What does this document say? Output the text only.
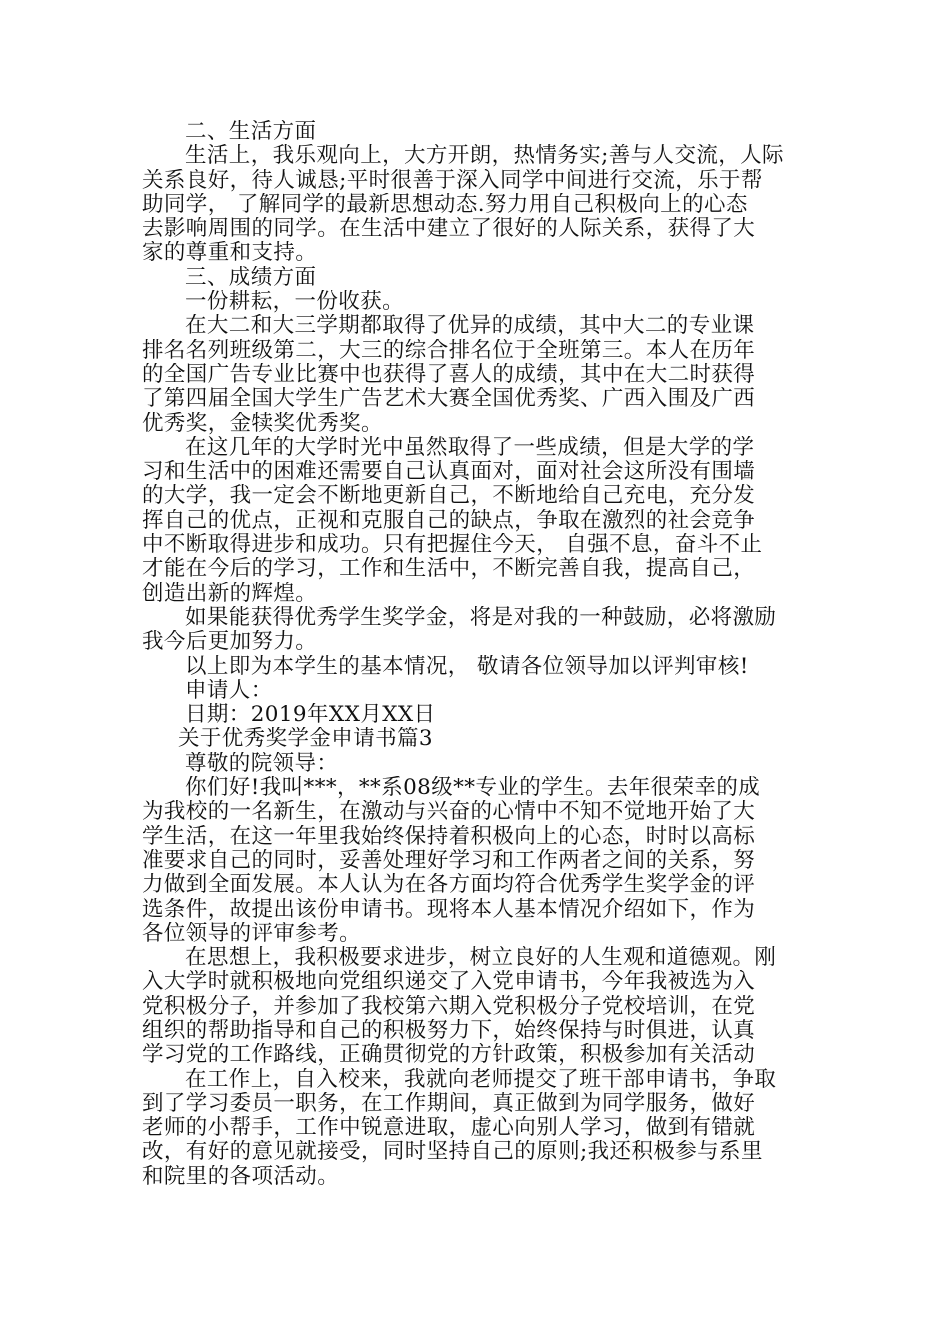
二、生活方面
生活上，我乐观向上，大方开朗，热情务实;善与人交流，人际
关系良好，待人诚恳;平时很善于深入同学中间进行交流，乐于帮
助同学， 了解同学的最新思想动态.努力用自己积极向上的心态
去影响周围的同学。在生活中建立了很好的人际关系，获得了大
家的尊重和支持。
三、成绩方面
一份耕耘，一份收获。
在大二和大三学期都取得了优异的成绩，其中大二的专业课
排名名列班级第二，大三的综合排名位于全班第三。本人在历年
的全国广告专业比赛中也获得了喜人的成绩，其中在大二时获得
了第四届全国大学生广告艺术大赛全国优秀奖、广西入围及广西
优秀奖，金犊奖优秀奖。
在这几年的大学时光中虽然取得了一些成绩，但是大学的学
习和生活中的困难还需要自己认真面对，面对社会这所没有围墙
的大学，我一定会不断地更新自己，不断地给自己充电，充分发
挥自己的优点，正视和克服自己的缺点，争取在激烈的社会竞争
中不断取得进步和成功。只有把握住今天， 自强不息，奋斗不止
才能在今后的学习，工作和生活中，不断完善自我，提高自己，
创造出新的辉煌。
如果能获得优秀学生奖学金，将是对我的一种鼓励，必将激励
我今后更加努力。
以上即为本学生的基本情况， 敬请各位领导加以评判审核!
申请人：
日期：2019年XX月XX日
关于优秀奖学金申请书篇3
尊敬的院领导：
你们好!我叫***，**系08级**专业的学生。去年很荣幸的成
为我校的一名新生，在激动与兴奋的心情中不知不觉地开始了大
学生活，在这一年里我始终保持着积极向上的心态，时时以高标
准要求自己的同时，妥善处理好学习和工作两者之间的关系，努
力做到全面发展。本人认为在各方面均符合优秀学生奖学金的评
选条件，故提出该份申请书。现将本人基本情况介绍如下，作为
各位领导的评审参考。
在思想上，我积极要求进步，树立良好的人生观和道德观。刚
入大学时就积极地向党组织递交了入党申请书，今年我被选为入
党积极分子，并参加了我校第六期入党积极分子党校培训，在党
组织的帮助指导和自己的积极努力下，始终保持与时俱进，认真
学习党的工作路线，正确贯彻党的方针政策，积极参加有关活动
在工作上，自入校来，我就向老师提交了班干部申请书，争取
到了学习委员一职务，在工作期间，真正做到为同学服务，做好
老师的小帮手，工作中锐意进取，虚心向别人学习，做到有错就
改，有好的意见就接受，同时坚持自己的原则;我还积极参与系里
和院里的各项活动。
